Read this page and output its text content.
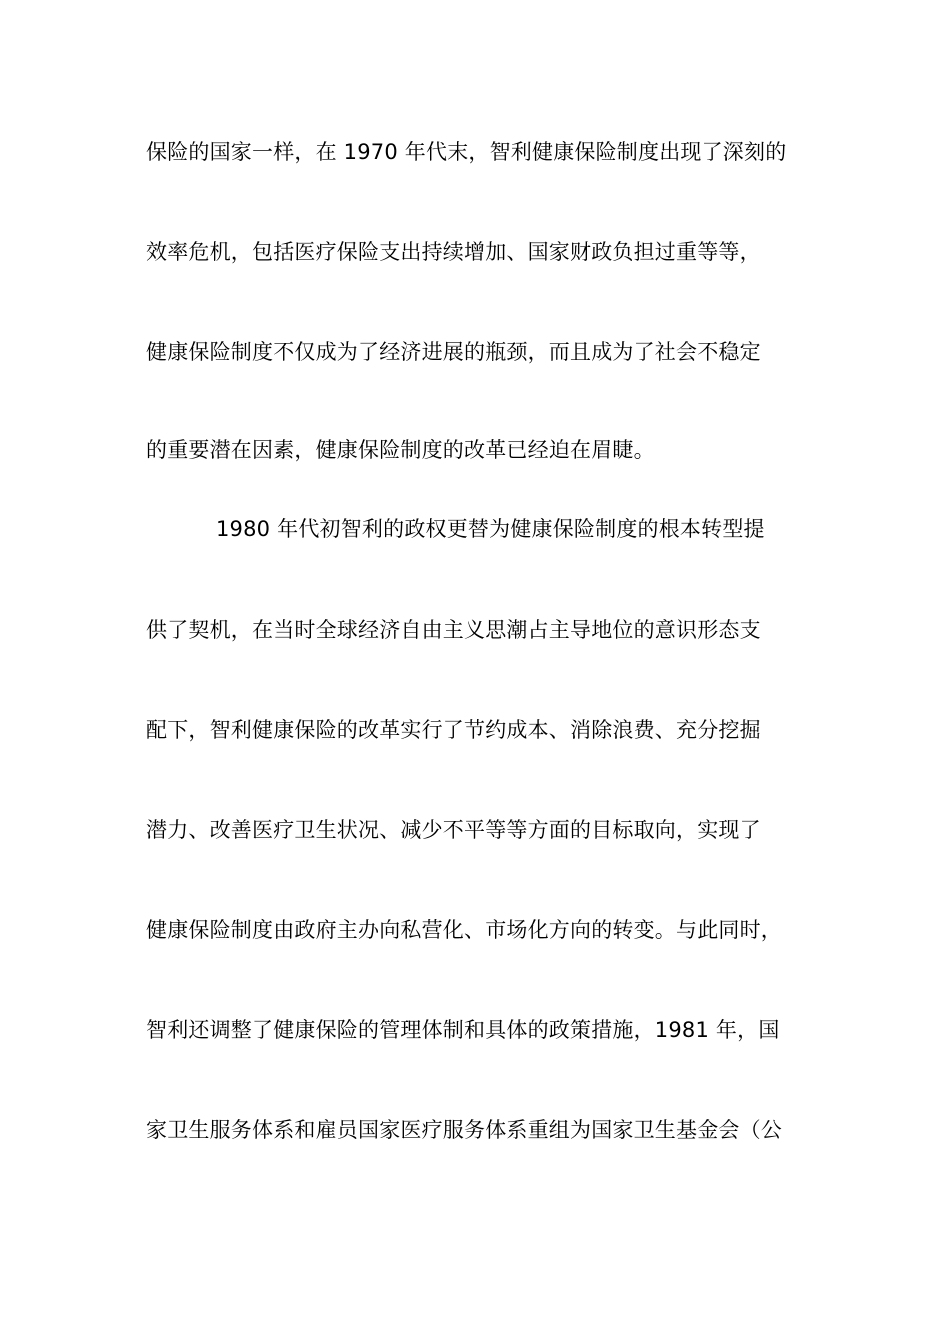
保险的国家一样，在 1970 年代末，智利健康保险制度出现了深刻的
效率危机，包括医疗保险支出持续增加、国家财政负担过重等等，
健康保险制度不仅成为了经济进展的瓶颈，而且成为了社会不稳定
的重要潜在因素，健康保险制度的改革已经迫在眉睫。
1980 年代初智利的政权更替为健康保险制度的根本转型提
供了契机，在当时全球经济自由主义思潮占主导地位的意识形态支
配下，智利健康保险的改革实行了节约成本、消除浪费、充分挖掘
潜力、改善医疗卫生状况、减少不平等等方面的目标取向，实现了
健康保险制度由政府主办向私营化、市场化方向的转变。与此同时，
智利还调整了健康保险的管理体制和具体的政策措施，1981 年，国
家卫生服务体系和雇员国家医疗服务体系重组为国家卫生基金会（公
